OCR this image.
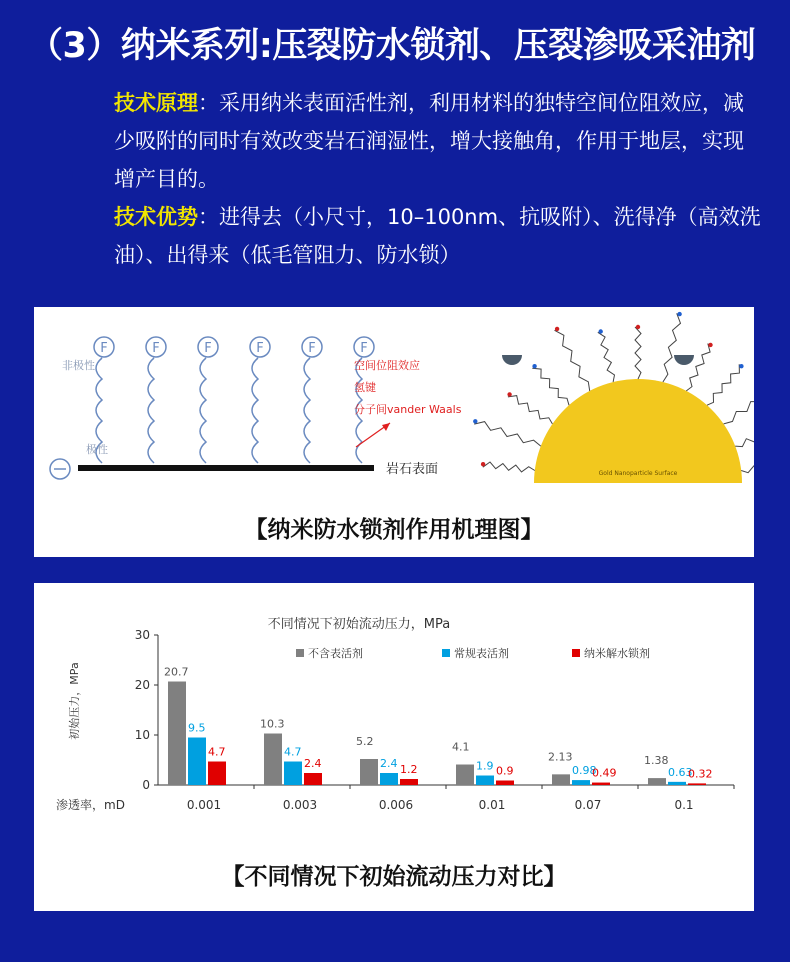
（3）纳米系列:压裂防水锁剂、压裂渗吸采油剂
技术原理：采用纳米表面活性剂，利用材料的独特空间位阻效应，减少吸附的同时有效改变岩石润湿性，增大接触角，作用于地层，实现增产目的。
技术优势：进得去（小尺寸，10–100nm、抗吸附）、洗得净（高效洗油）、出得来（低毛管阻力、防水锁）
F	F	F	F	F	F
非极性
极性
岩石表面
空间位阻效应
氢键
分子间vander Waals
Gold Nanoparticle Surface
【纳米防水锁剂作用机理图】
不同情况下初始流动压力，MPa
初始压力，MPa
渗透率，mD
0
10
20
30
0.001	0.003	0.006	0.01	0.07	0.1
不含表活剂	常规表活剂	纳米解水锁剂
20.7
9.5
4.7
10.3
4.7
2.4
5.2
2.4 1.2
4.1
1.9 0.9
2.13
0.98
0.49
1.38
0.63
0.32
【不同情况下初始流动压力对比】
